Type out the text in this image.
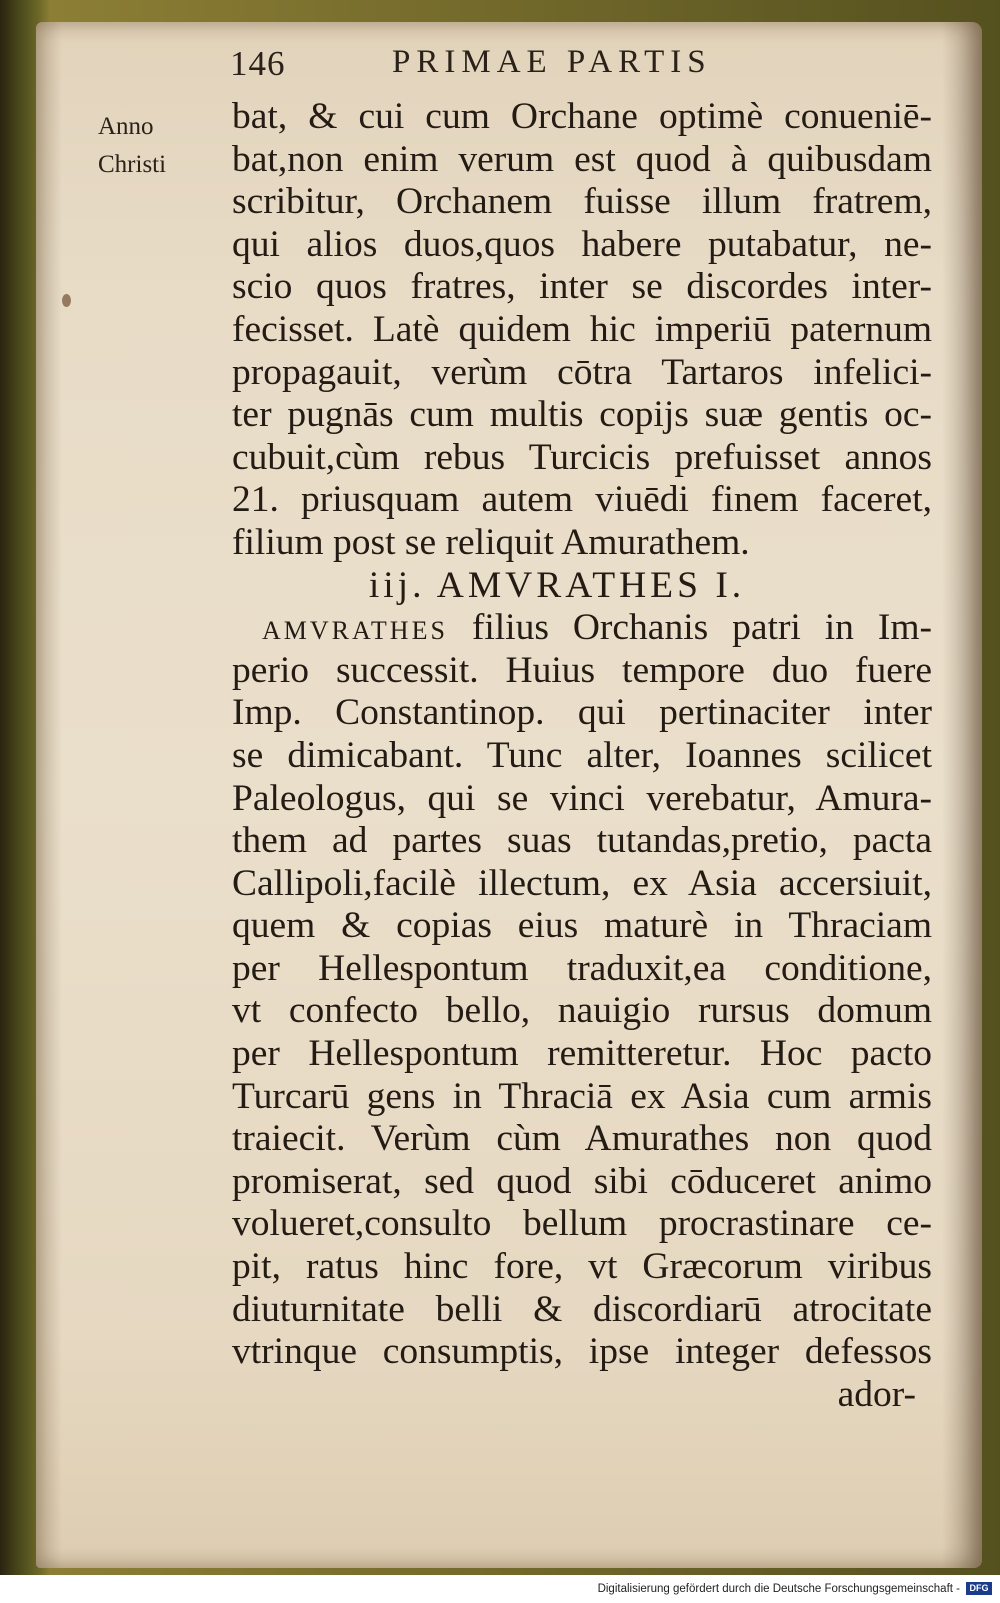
146	PRIMAE PARTIS
Anno
Christi
bat, & cui cum Orchane optimè conueniē-
bat,non enim verum est quod à quibusdam
scribitur, Orchanem fuisse illum fratrem,
qui alios duos,quos habere putabatur, ne-
scio quos fratres, inter se discordes inter-
fecisset. Latè quidem hic imperiū paternum
propagauit, verùm cōtra Tartaros infelici-
ter pugnās cum multis copijs suæ gentis oc-
cubuit,cùm rebus Turcicis prefuisset annos
21. priusquam autem viuēdi finem faceret,
filium post se reliquit Amurathem.
iij. AMVRATHES I.
AMVRATHES filius Orchanis patri in Im-
perio successit. Huius tempore duo fuere
Imp. Constantinop. qui pertinaciter inter
se dimicabant. Tunc alter, Ioannes scilicet
Paleologus, qui se vinci verebatur, Amura-
them ad partes suas tutandas,pretio, pacta
Callipoli,facilè illectum, ex Asia accersiuit,
quem & copias eius maturè in Thraciam
per Hellespontum traduxit,ea conditione,
vt confecto bello, nauigio rursus domum
per Hellespontum remitteretur. Hoc pacto
Turcarū gens in Thraciā ex Asia cum armis
traiecit. Verùm cùm Amurathes non quod
promiserat, sed quod sibi cōduceret animo
volueret,consulto bellum procrastinare ce-
pit, ratus hinc fore, vt Græcorum viribus
diuturnitate belli & discordiarū atrocitate
vtrinque consumptis, ipse integer defessos
ador-
Digitalisierung gefördert durch die Deutsche Forschungsgemeinschaft -	DFG
